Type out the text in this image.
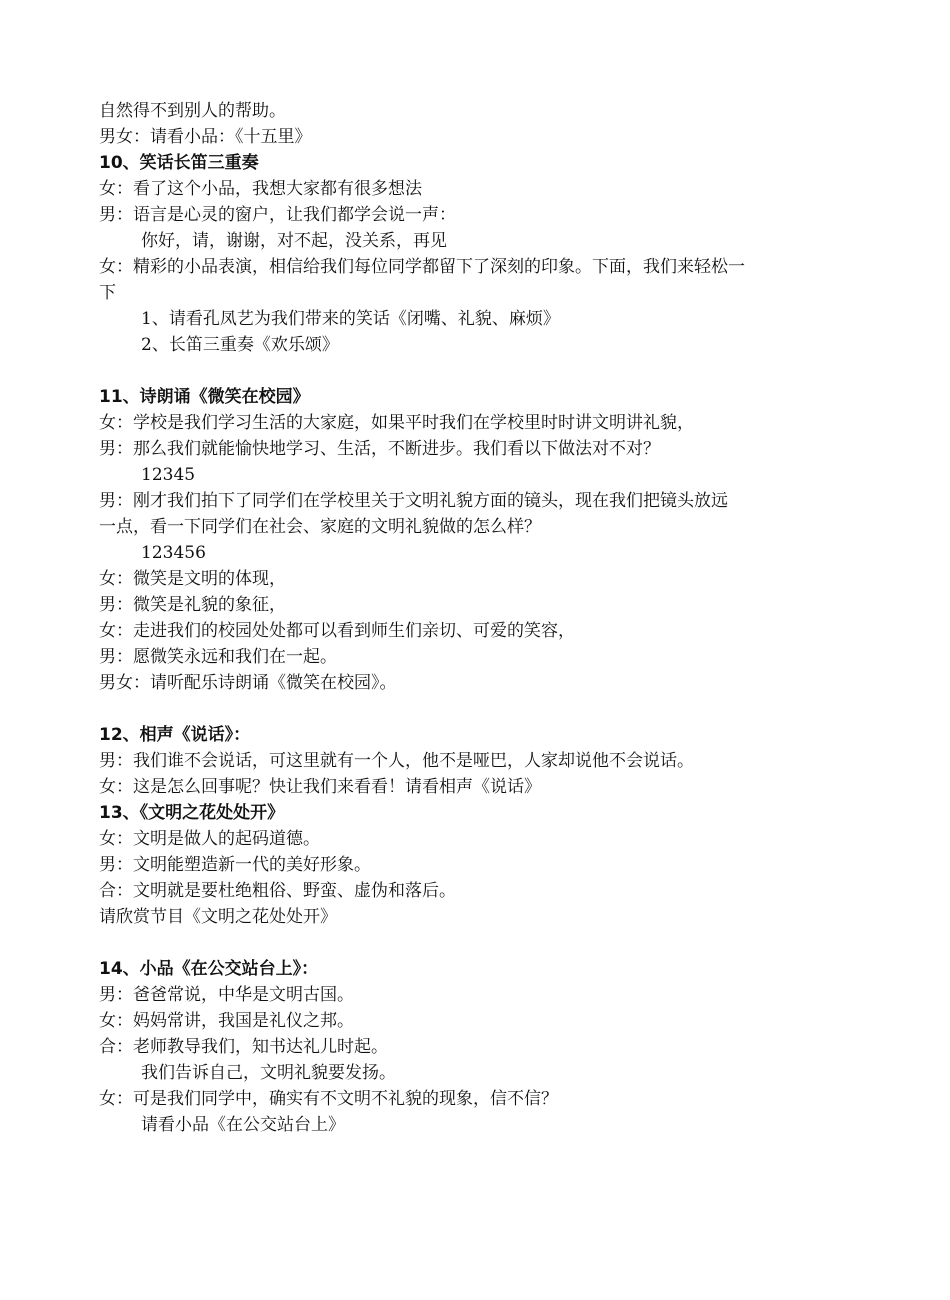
自然得不到别人的帮助。
男女：请看小品：《十五里》
10、笑话长笛三重奏
女：看了这个小品，我想大家都有很多想法
男：语言是心灵的窗户，让我们都学会说一声：
你好，请，谢谢，对不起，没关系，再见
女：精彩的小品表演，相信给我们每位同学都留下了深刻的印象。下面，我们来轻松一
下
1、请看孔凤艺为我们带来的笑话《闭嘴、礼貌、麻烦》
2、长笛三重奏《欢乐颂》
11、诗朗诵《微笑在校园》
女：学校是我们学习生活的大家庭，如果平时我们在学校里时时讲文明讲礼貌，
男：那么我们就能愉快地学习、生活，不断进步。我们看以下做法对不对？
12345
男：刚才我们拍下了同学们在学校里关于文明礼貌方面的镜头，现在我们把镜头放远
一点，看一下同学们在社会、家庭的文明礼貌做的怎么样？
123456
女：微笑是文明的体现，
男：微笑是礼貌的象征，
女：走进我们的校园处处都可以看到师生们亲切、可爱的笑容，
男：愿微笑永远和我们在一起。
男女：请听配乐诗朗诵《微笑在校园》。
12、相声《说话》：
男：我们谁不会说话，可这里就有一个人，他不是哑巴，人家却说他不会说话。
女：这是怎么回事呢？快让我们来看看！请看相声《说话》
13、《文明之花处处开》
女：文明是做人的起码道德。
男：文明能塑造新一代的美好形象。
合：文明就是要杜绝粗俗、野蛮、虚伪和落后。
请欣赏节目《文明之花处处开》
14、小品《在公交站台上》：
男：爸爸常说，中华是文明古国。
女：妈妈常讲，我国是礼仪之邦。
合：老师教导我们，知书达礼儿时起。
我们告诉自己，文明礼貌要发扬。
女：可是我们同学中，确实有不文明不礼貌的现象，信不信？
请看小品《在公交站台上》
